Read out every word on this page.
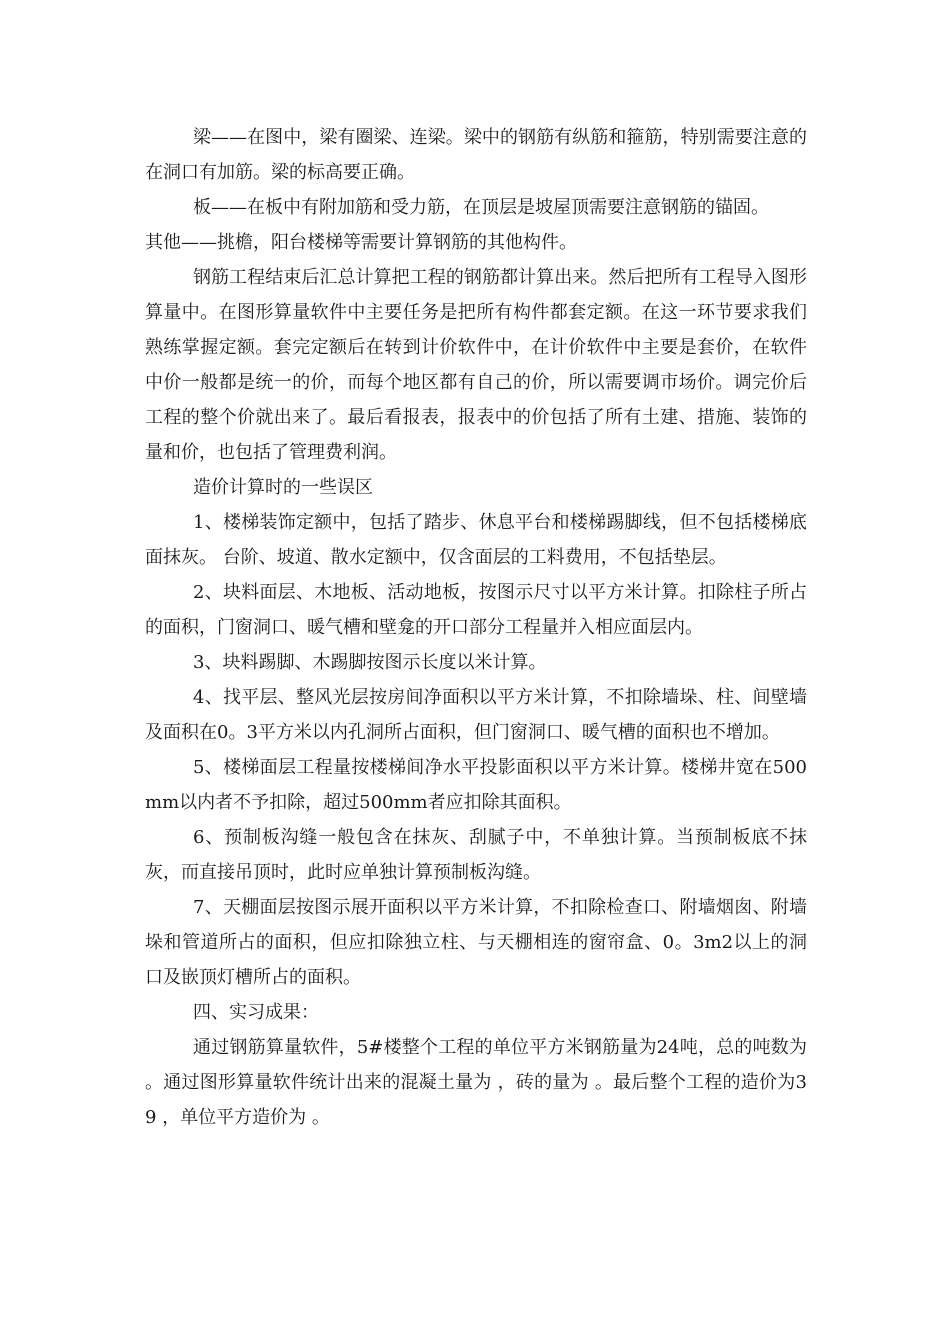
梁——在图中，梁有圈梁、连梁。梁中的钢筋有纵筋和箍筋，特别需要注意的在洞口有加筋。梁的标高要正确。

板——在板中有附加筋和受力筋，在顶层是坡屋顶需要注意钢筋的锚固。

其他——挑檐，阳台楼梯等需要计算钢筋的其他构件。

钢筋工程结束后汇总计算把工程的钢筋都计算出来。然后把所有工程导入图形算量中。在图形算量软件中主要任务是把所有构件都套定额。在这一环节要求我们熟练掌握定额。套完定额后在转到计价软件中，在计价软件中主要是套价，在软件中价一般都是统一的价，而每个地区都有自己的价，所以需要调市场价。调完价后工程的整个价就出来了。最后看报表，报表中的价包括了所有土建、措施、装饰的量和价，也包括了管理费利润。

造价计算时的一些误区

1、楼梯装饰定额中，包括了踏步、休息平台和楼梯踢脚线，但不包括楼梯底面抹灰。 台阶、坡道、散水定额中，仅含面层的工料费用，不包括垫层。

2、块料面层、木地板、活动地板，按图示尺寸以平方米计算。扣除柱子所占的面积，门窗洞口、暖气槽和壁龛的开口部分工程量并入相应面层内。

3、块料踢脚、木踢脚按图示长度以米计算。

4、找平层、整风光层按房间净面积以平方米计算，不扣除墙垛、柱、间壁墙及面积在0。3平方米以内孔洞所占面积，但门窗洞口、暖气槽的面积也不增加。

5、楼梯面层工程量按楼梯间净水平投影面积以平方米计算。楼梯井宽在500mm以内者不予扣除，超过500mm者应扣除其面积。

6、预制板沟缝一般包含在抹灰、刮腻子中，不单独计算。当预制板底不抹灰，而直接吊顶时，此时应单独计算预制板沟缝。

7、天棚面层按图示展开面积以平方米计算，不扣除检查口、附墙烟囱、附墙垛和管道所占的面积，但应扣除独立柱、与天棚相连的窗帘盒、0。3m2以上的洞口及嵌顶灯槽所占的面积。

四、实习成果：

通过钢筋算量软件，5#楼整个工程的单位平方米钢筋量为24吨，总的吨数为 。通过图形算量软件统计出来的混凝土量为 ，砖的量为 。最后整个工程的造价为39 ，单位平方造价为 。
